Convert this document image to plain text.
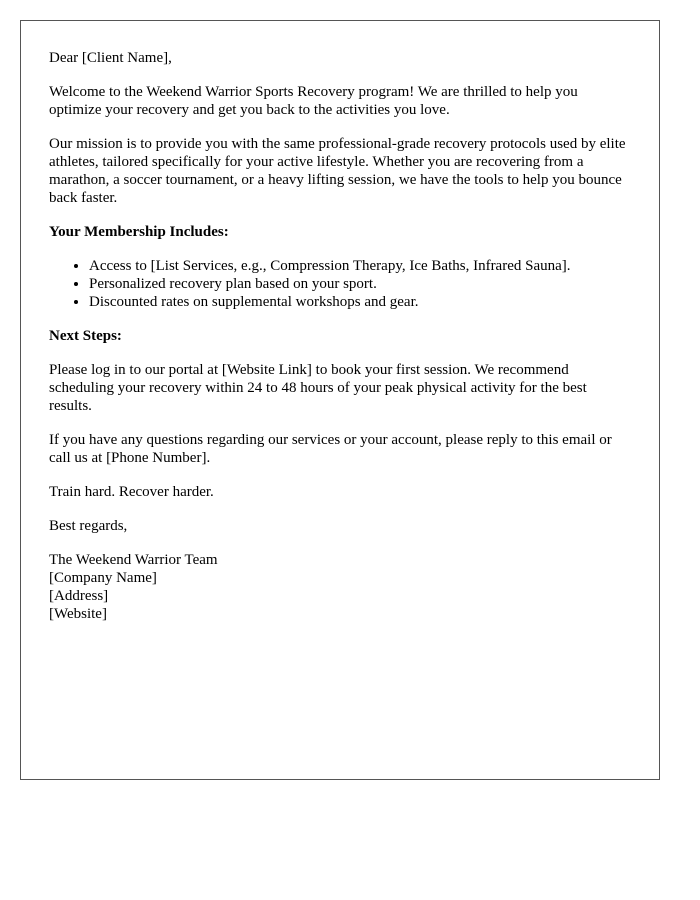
Dear [Client Name],

Welcome to the Weekend Warrior Sports Recovery program! We are thrilled to help you optimize your recovery and get you back to the activities you love.

Our mission is to provide you with the same professional-grade recovery protocols used by elite athletes, tailored specifically for your active lifestyle. Whether you are recovering from a marathon, a soccer tournament, or a heavy lifting session, we have the tools to help you bounce back faster.

Your Membership Includes:

• Access to [List Services, e.g., Compression Therapy, Ice Baths, Infrared Sauna].
• Personalized recovery plan based on your sport.
• Discounted rates on supplemental workshops and gear.

Next Steps:

Please log in to our portal at [Website Link] to book your first session. We recommend scheduling your recovery within 24 to 48 hours of your peak physical activity for the best results.

If you have any questions regarding our services or your account, please reply to this email or call us at [Phone Number].

Train hard. Recover harder.

Best regards,

The Weekend Warrior Team

[Company Name]

[Address]

[Website]
